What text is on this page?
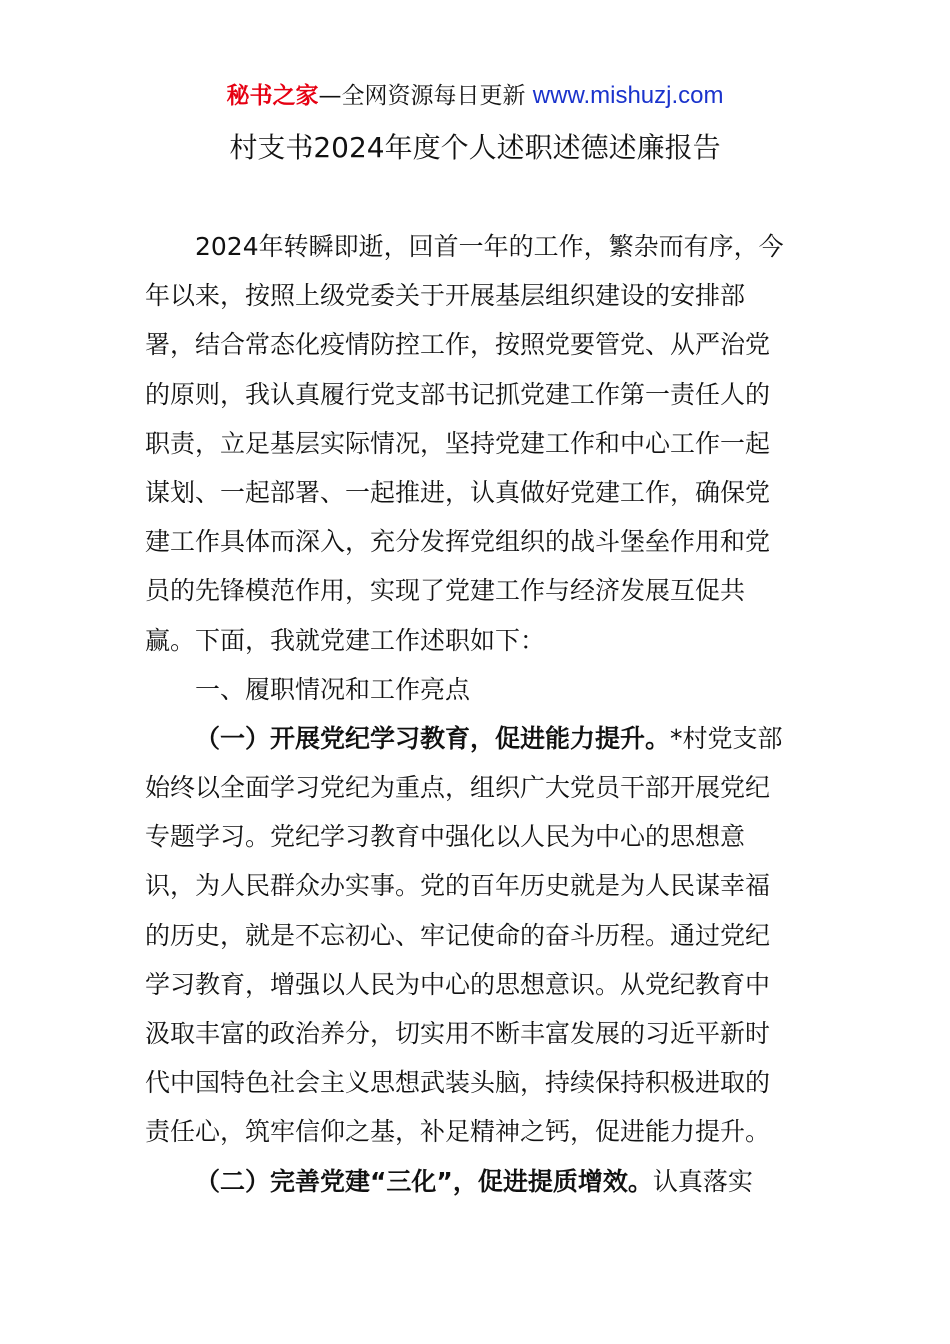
秘书之家—全网资源每日更新 www.mishuzj.com
村支书2024年度个人述职述德述廉报告
2024年转瞬即逝，回首一年的工作，繁杂而有序，今
年以来，按照上级党委关于开展基层组织建设的安排部
署，结合常态化疫情防控工作，按照党要管党、从严治党
的原则，我认真履行党支部书记抓党建工作第一责任人的
职责，立足基层实际情况，坚持党建工作和中心工作一起
谋划、一起部署、一起推进，认真做好党建工作，确保党
建工作具体而深入，充分发挥党组织的战斗堡垒作用和党
员的先锋模范作用，实现了党建工作与经济发展互促共
赢。下面，我就党建工作述职如下：
一、履职情况和工作亮点
（一）开展党纪学习教育，促进能力提升。*村党支部
始终以全面学习党纪为重点，组织广大党员干部开展党纪
专题学习。党纪学习教育中强化以人民为中心的思想意
识，为人民群众办实事。党的百年历史就是为人民谋幸福
的历史，就是不忘初心、牢记使命的奋斗历程。通过党纪
学习教育，增强以人民为中心的思想意识。从党纪教育中
汲取丰富的政治养分，切实用不断丰富发展的习近平新时
代中国特色社会主义思想武装头脑，持续保持积极进取的
责任心，筑牢信仰之基，补足精神之钙，促进能力提升。
（二）完善党建“三化”，促进提质增效。认真落实
